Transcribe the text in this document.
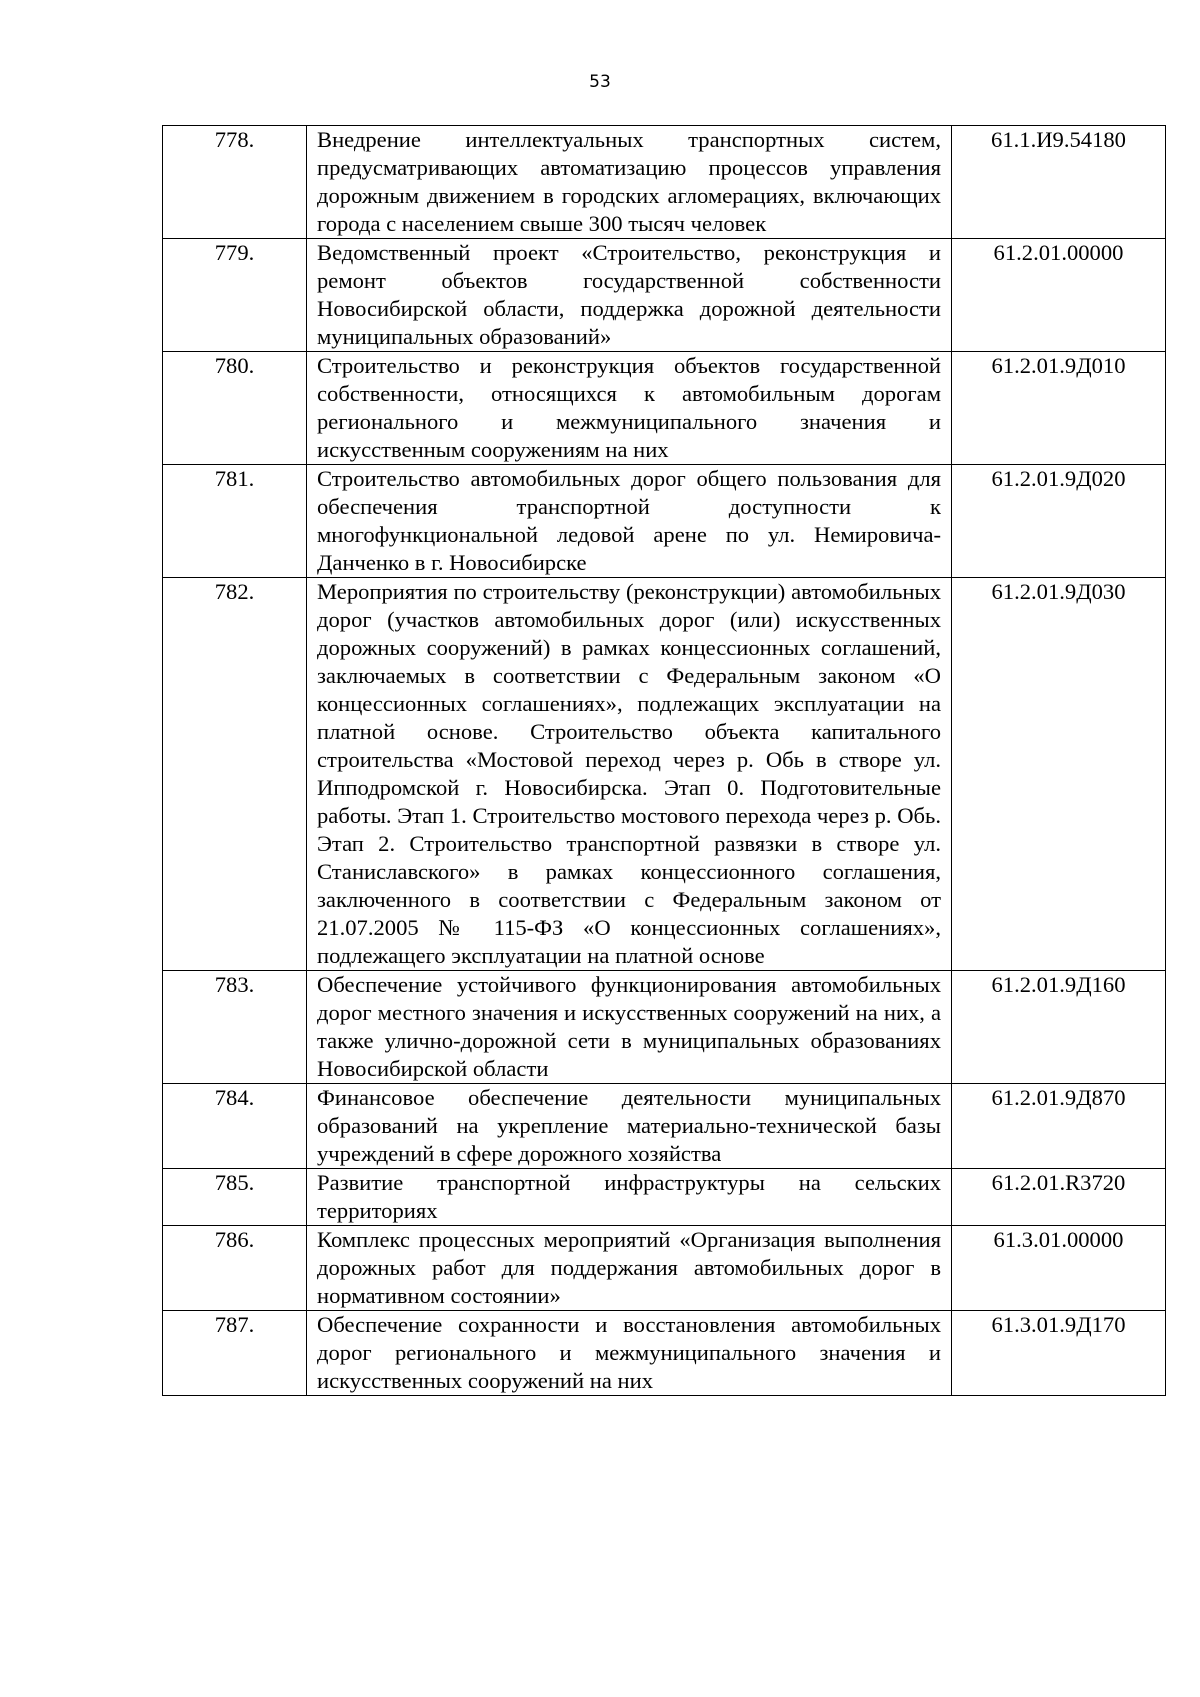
53
778.	Внедрение интеллектуальных транспортных систем, предусматривающих автоматизацию процессов управления дорожным движением в городских агломерациях, включающих города с населением свыше 300 тысяч человек	61.1.И9.54180
779.	Ведомственный проект «Строительство, реконструкция и ремонт объектов государственной собственности Новосибирской области, поддержка дорожной деятельности муниципальных образований»	61.2.01.00000
780.	Строительство и реконструкция объектов государственной собственности, относящихся к автомобильным дорогам регионального и межмуниципального значения и искусственным сооружениям на них	61.2.01.9Д010
781.	Строительство автомобильных дорог общего пользования для обеспечения транспортной доступности к многофункциональной ледовой арене по ул. Немировича-Данченко в г. Новосибирске	61.2.01.9Д020
782.	Мероприятия по строительству (реконструкции) автомобильных дорог (участков автомобильных дорог (или) искусственных дорожных сооружений) в рамках концессионных соглашений, заключаемых в соответствии с Федеральным законом «О концессионных соглашениях», подлежащих эксплуатации на платной основе. Строительство объекта капитального строительства «Мостовой переход через р. Обь в створе ул. Ипподромской г. Новосибирска. Этап 0. Подготовительные работы. Этап 1. Строительство мостового перехода через р. Обь. Этап 2. Строительство транспортной развязки в створе ул. Станиславского» в рамках концессионного соглашения, заключенного в соответствии с Федеральным законом от 21.07.2005 № 115-ФЗ «О концессионных соглашениях», подлежащего эксплуатации на платной основе	61.2.01.9Д030
783.	Обеспечение устойчивого функционирования автомобильных дорог местного значения и искусственных сооружений на них, а также улично-дорожной сети в муниципальных образованиях Новосибирской области	61.2.01.9Д160
784.	Финансовое обеспечение деятельности муниципальных образований на укрепление материально-технической базы учреждений в сфере дорожного хозяйства	61.2.01.9Д870
785.	Развитие транспортной инфраструктуры на сельских территориях	61.2.01.R3720
786.	Комплекс процессных мероприятий «Организация выполнения дорожных работ для поддержания автомобильных дорог в нормативном состоянии»	61.3.01.00000
787.	Обеспечение сохранности и восстановления автомобильных дорог регионального и межмуниципального значения и искусственных сооружений на них	61.3.01.9Д170
